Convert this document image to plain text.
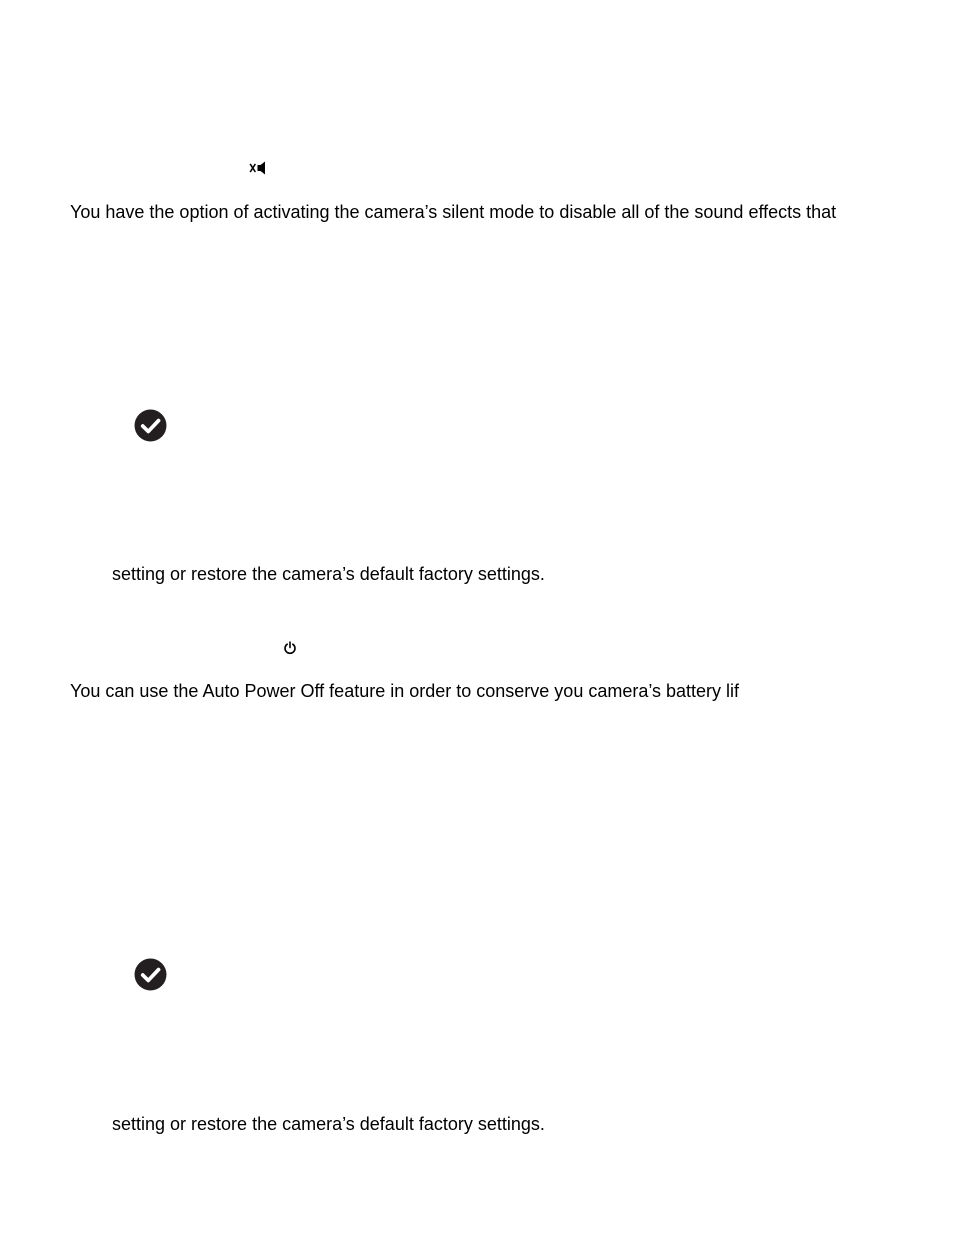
You have the option of activating the camera’s silent mode to disable all of the sound effects that

setting or restore the camera’s default factory settings.

You can use the Auto Power Off feature in order to conserve you camera’s battery lif

setting or restore the camera’s default factory settings.
